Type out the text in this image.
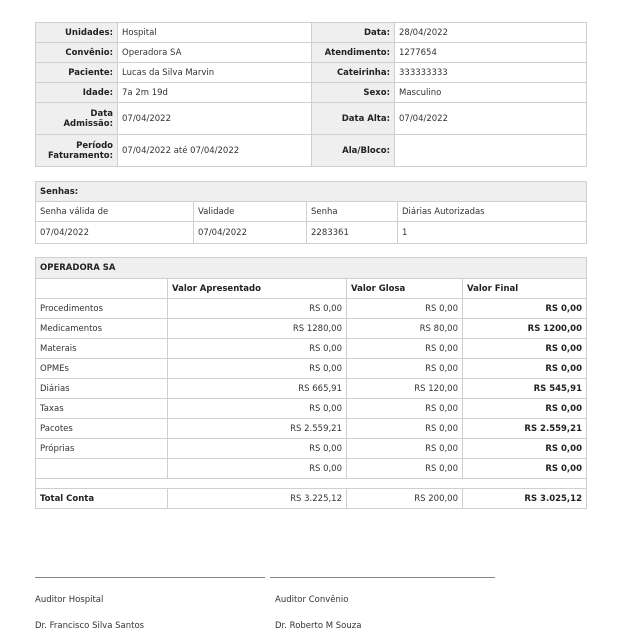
Unidades:	Hospital	Data:	28/04/2022
Convênio:	Operadora SA	Atendimento:	1277654
Paciente:	Lucas da Silva Marvin	Cateirinha:	333333333
Idade:	7a 2m 19d	Sexo:	Masculino
Data Admissão:	07/04/2022	Data Alta:	07/04/2022
Período Faturamento:	07/04/2022 até 07/04/2022	Ala/Bloco:	
Senhas:			
Senha válida de	Validade	Senha	Diárias Autorizadas
07/04/2022	07/04/2022	2283361	1
OPERADORA SA			
	Valor Apresentado	Valor Glosa	Valor Final
Procedimentos	RS 0,00	RS 0,00	RS 0,00
Medicamentos	RS 1280,00	RS 80,00	RS 1200,00
Materais	RS 0,00	RS 0,00	RS 0,00
OPMEs	RS 0,00	RS 0,00	RS 0,00
Diárias	RS 665,91	RS 120,00	RS 545,91
Taxas	RS 0,00	RS 0,00	RS 0,00
Pacotes	RS 2.559,21	RS 0,00	RS 2.559,21
Próprias	RS 0,00	RS 0,00	RS 0,00
	RS 0,00	RS 0,00	RS 0,00

Total Conta	RS 3.225,12	RS 200,00	RS 3.025,12
Auditor Hospital	Auditor Convênio
Dr. Francisco Silva Santos	Dr. Roberto M Souza
